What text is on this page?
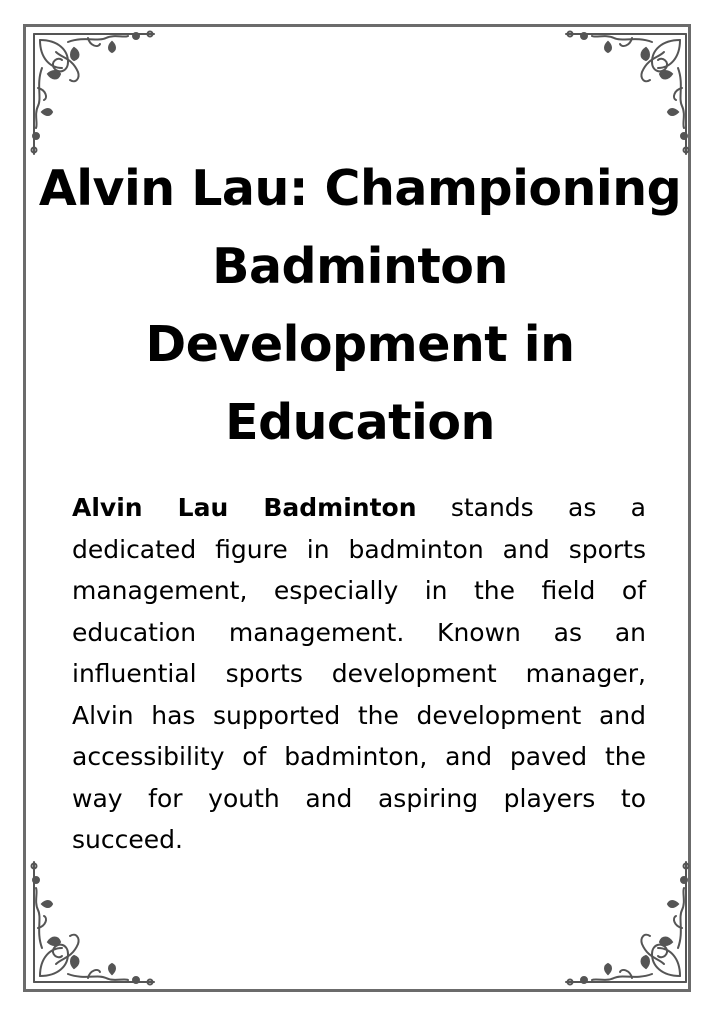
Alvin Lau: Championing Badminton Development in Education

Alvin Lau Badminton stands as a dedicated figure in badminton and sports management, especially in the field of education management. Known as an influential sports development manager, Alvin has supported the development and accessibility of badminton, and paved the way for youth and aspiring players to succeed.
